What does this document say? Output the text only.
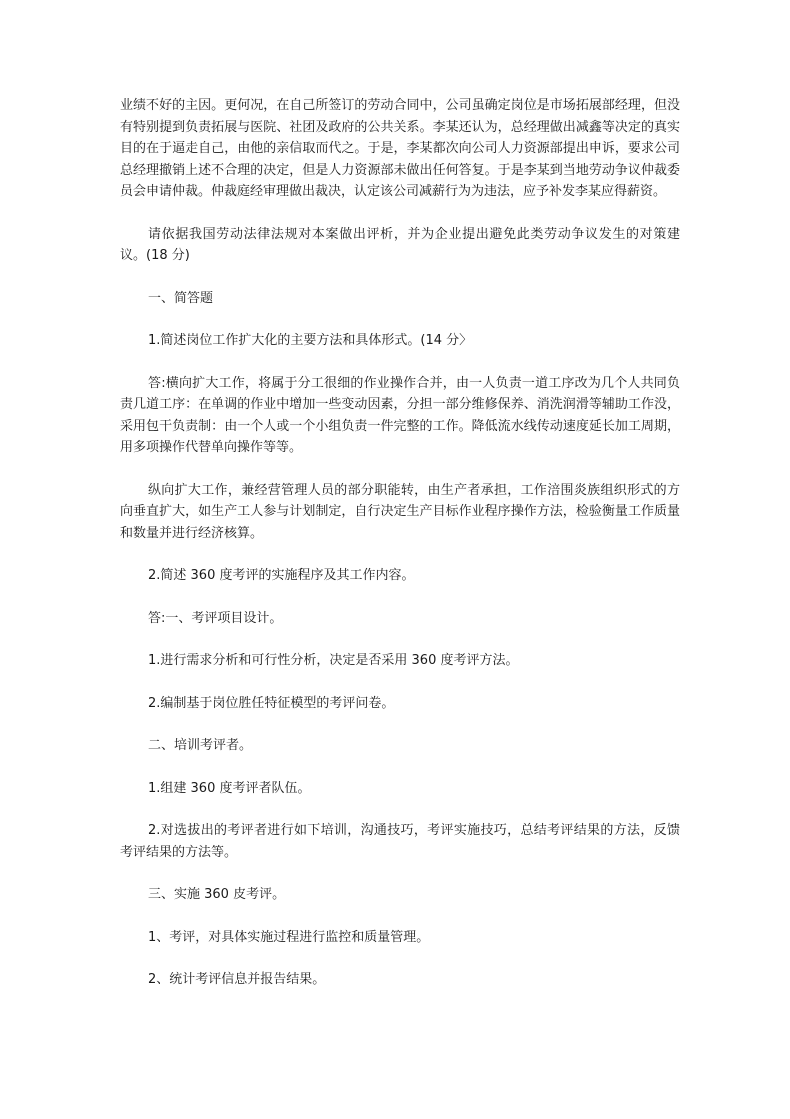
业绩不好的主因。更何况，在自己所签订的劳动合同中，公司虽确定岗位是市场拓展部经理，但没有特别提到负责拓展与医院、社团及政府的公共关系。李某还认为，总经理做出减鑫等决定的真实目的在于逼走自己，由他的亲信取而代之。于是，李某都次向公司人力资源部提出申诉，要求公司总经理撤销上述不合理的决定，但是人力资源部未做出任何答复。于是李某到当地劳动争议仲裁委员会申请仲裁。仲裁庭经审理做出裁决，认定该公司减薪行为为违法，应予补发李某应得薪资。

请依据我国劳动法律法规对本案做出评析，并为企业提出避免此类劳动争议发生的对策建议。(18 分)

一、简答题

1.简述岗位工作扩大化的主要方法和具体形式。(14 分〉

答:横向扩大工作，将属于分工很细的作业操作合并，由一人负责一道工序改为几个人共同负责几道工序：在单调的作业中增加一些变动因素，分担一部分维修保养、消洗润滑等辅助工作没，采用包干负责制：由一个人或一个小组负责一件完整的工作。降低流水线传动速度延长加工周期，用多项操作代替单向操作等等。

纵向扩大工作，兼经营管理人员的部分职能转，由生产者承担，工作涪围炎族组织形式的方向垂直扩大，如生产工人参与计划制定，自行决定生产目标作业程序操作方法，检验衡量工作质量和数量并进行经济核算。

2.简述 360 度考评的实施程序及其工作内容。

答:一、考评项目设计。

1.进行需求分析和可行性分析，决定是否采用 360 度考评方法。

2.编制基于岗位胜任特征模型的考评问卷。

二、培训考评者。

1.组建 360 度考评者队伍。

2.对选拔出的考评者进行如下培训，沟通技巧，考评实施技巧，总结考评结果的方法，反馈考评结果的方法等。

三、实施 360 皮考评。

1、考评，对具体实施过程进行监控和质量管理。

2、统计考评信息并报告结果。
